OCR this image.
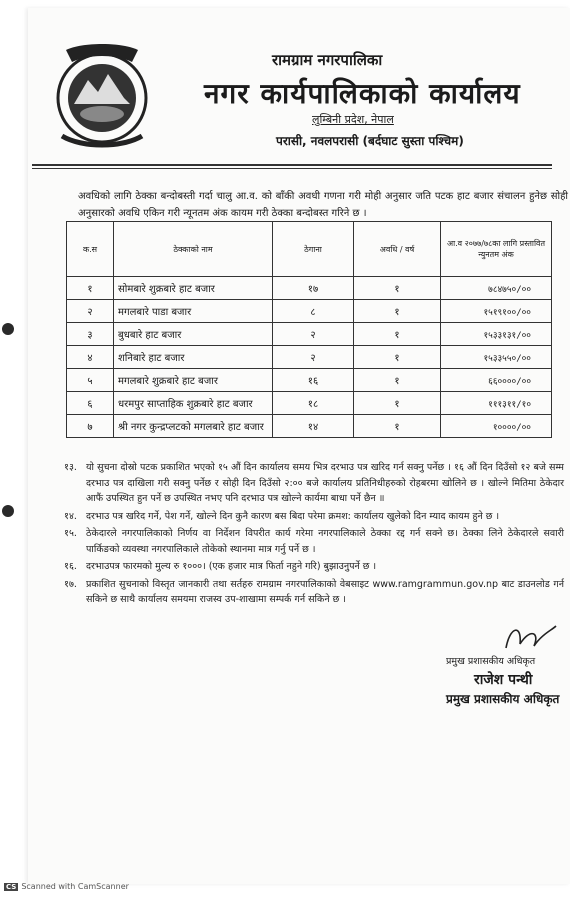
रामग्राम नगरपालिका
नगर कार्यपालिकाको कार्यालय
लुम्बिनी प्रदेश, नेपाल
परासी, नवलपरासी (बर्दघाट सुस्ता पश्चिम)
अवधिको लागि ठेक्का बन्दोबस्ती गर्दा चालु आ.व. को बाँकी अवधी गणना गरी मोही अनुसार जति पटक हाट बजार संचालन हुनेछ सोही अनुसारको अवधि एकिन गरी न्यूनतम अंक कायम गरी ठेक्का बन्दोबस्त गरिने छ ।
क.स	ठेक्काको नाम	ठेगाना	अवधि / वर्ष	आ.व २०७७/७८का लागि प्रस्तावित न्युनतम अंक
१	सोमबारे शुक्रबारे हाट बजार	१७	१	७८४७५०/००
२	मगलबारे पाडा बजार	८	१	१५१९१००/००
३	बुधबारे हाट बजार	२	१	१५३३१३१/००
४	शनिबारे हाट बजार	२	१	१५३३५५०/००
५	मगलबारे शुक्रबारे हाट बजार	१६	१	६६००००/००
६	धरमपुर साप्ताहिक शुक्रबारे हाट बजार	१८	१	१११३११/१०
७	श्री नगर कुन्द्रप्लटको मगलबारे हाट बजार	१४	१	१००००/००
१३. यो सुचना दोस्रो पटक प्रकाशित भएको १५ औं दिन कार्यालय समय भित्र दरभाउ पत्र खरिद गर्न सक्नु पर्नेछ । १६ औं दिन दिउँसो १२ बजे सम्म दरभाउ पत्र दाखिला गरी सक्नु पर्नेछ र सोही दिन दिउँसो २:०० बजे कार्यालय प्रतिनिधीहरुको रोहबरमा खोलिने छ । खोल्ने मितिमा ठेकेदार आफैं उपस्थित हुन पर्ने छ उपस्थित नभए पनि दरभाउ पत्र खोल्ने कार्यमा बाधा पर्ने छैन ॥
१४. दरभाउ पत्र खरिद गर्ने, पेश गर्ने, खोल्ने दिन कुनै कारण बस बिदा परेमा क्रमश: कार्यालय खुलेको दिन म्याद कायम हुने छ ।
१५. ठेकेदारले नगरपालिकाको निर्णय वा निर्देशन विपरीत कार्य गरेमा नगरपालिकाले ठेक्का रद्द गर्न सक्ने छ। ठेक्का लिने ठेकेदारले सवारी पार्किङको व्यवस्था नगरपालिकाले तोकेको स्थानमा मात्र गर्नु पर्ने छ ।
१६. दरभाउपत्र फारमको मुल्य रु १०००। (एक हजार मात्र फिर्ता नहुने गरि) बुझाउनुपर्ने छ ।
१७. प्रकाशित सुचनाको विस्तृत जानकारी तथा सर्तहरु रामग्राम नगरपालिकाको वेबसाइट www.ramgrammun.gov.np बाट डाउनलोड गर्न सकिने छ साथै कार्यालय समयमा राजस्व उप-शाखामा सम्पर्क गर्न सकिने छ ।
प्रमुख प्रशासकीय अधिकृत
राजेश पन्थी
प्रमुख प्रशासकीय अधिकृत
CS Scanned with CamScanner
